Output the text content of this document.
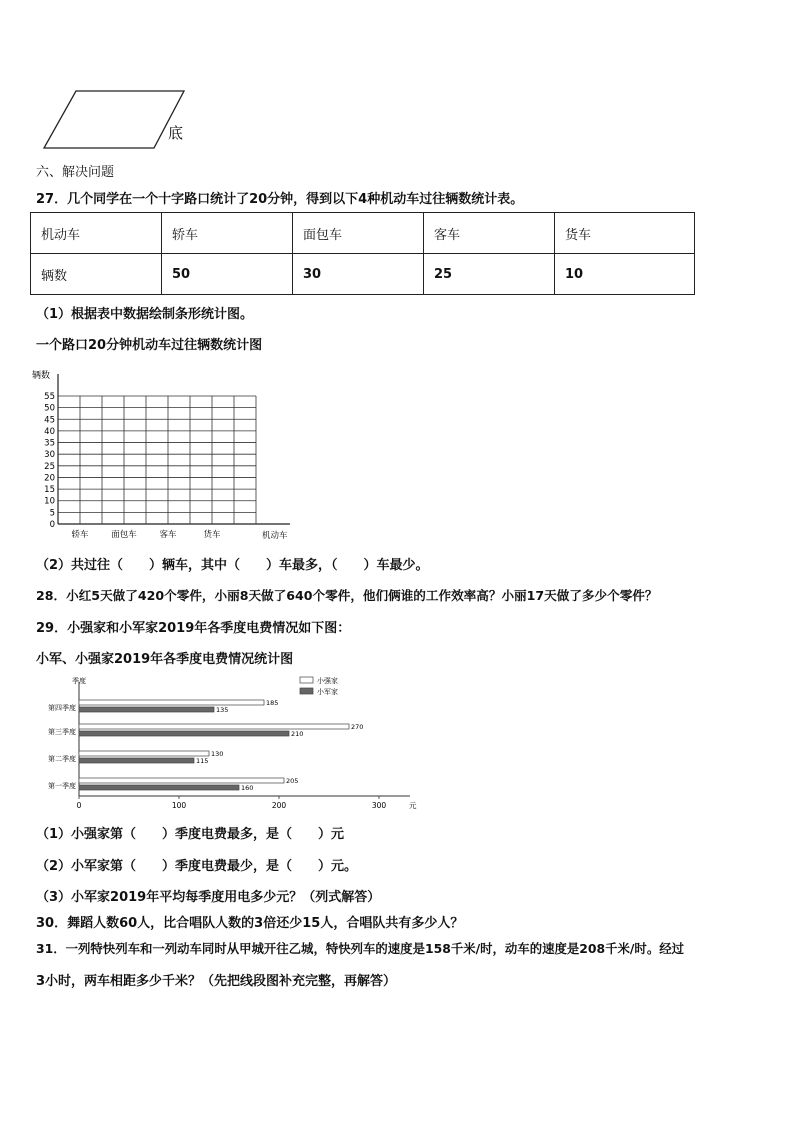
底
六、解决问题
27．几个同学在一个十字路口统计了20分钟，得到以下4种机动车过往辆数统计表。
机动车	轿车	面包车	客车	货车
辆数	50	30	25	10
（1）根据表中数据绘制条形统计图。
一个路口20分钟机动车过往辆数统计图
辆数
0
5
10
15
20
25
30
35
40
45
50
55
轿车	面包车	客车	货车	机动车
（2）共过往（　　）辆车，其中（　　）车最多，（　　）车最少。
28．小红5天做了420个零件，小丽8天做了640个零件，他们俩谁的工作效率高？小丽17天做了多少个零件？
29．小强家和小军家2019年各季度电费情况如下图：
小军、小强家2019年各季度电费情况统计图
季度
0	100	200	300	元
第一季度
205
160
第二季度
130
115
第三季度
270
210
第四季度
185
135
小强家
小军家
（1）小强家第（　　）季度电费最多，是（　　）元
（2）小军家第（　　）季度电费最少，是（　　）元。
（3）小军家2019年平均每季度用电多少元？（列式解答）
30．舞蹈人数60人，比合唱队人数的3倍还少15人，合唱队共有多少人？
31．一列特快列车和一列动车同时从甲城开往乙城，特快列车的速度是158千米/时，动车的速度是208千米/时。经过
3小时，两车相距多少千米？（先把线段图补充完整，再解答）
